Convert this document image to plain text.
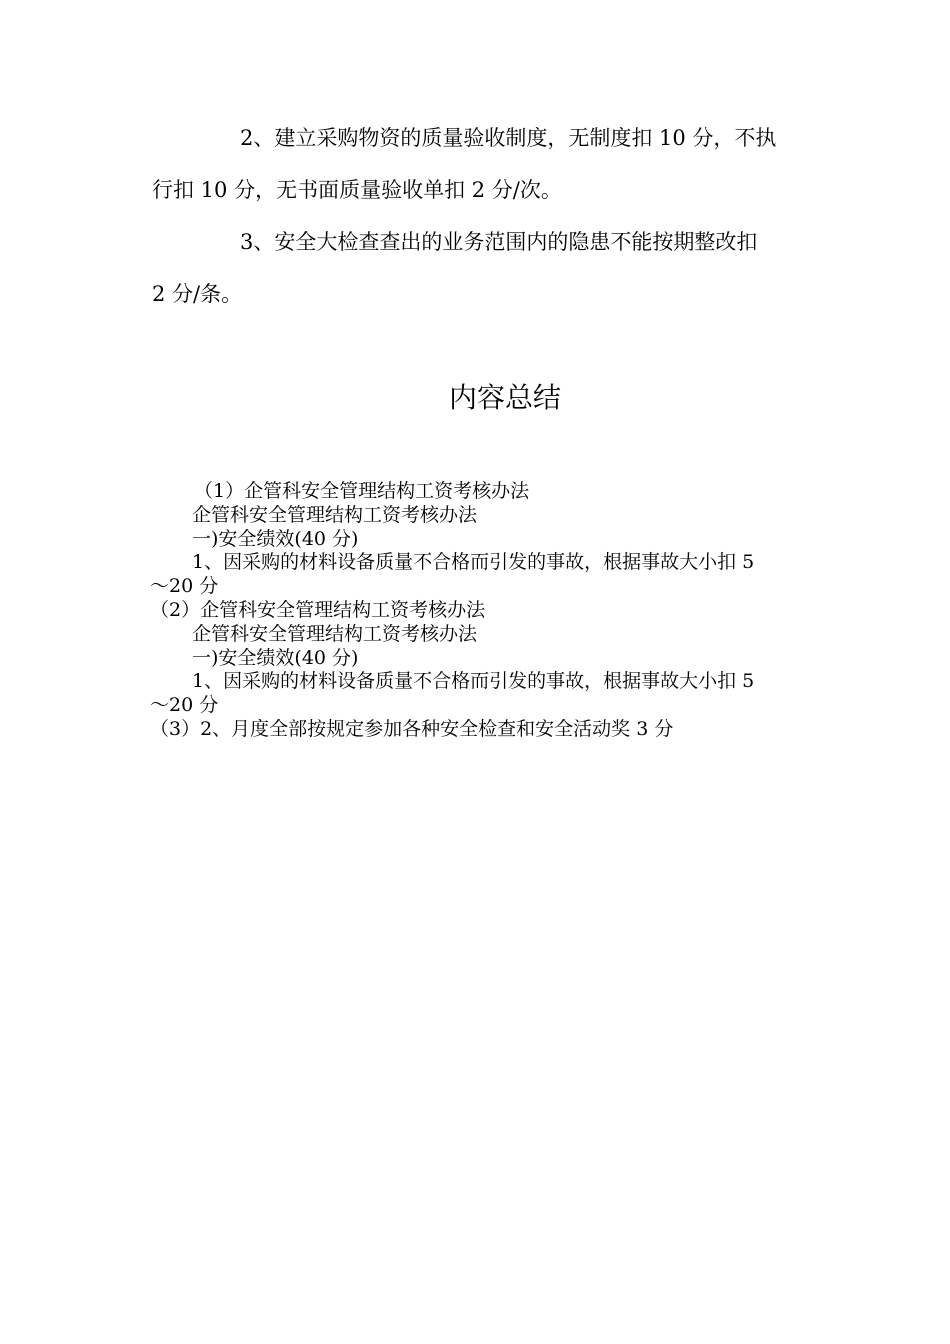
2、建立采购物资的质量验收制度，无制度扣 10 分，不执

行扣 10 分，无书面质量验收单扣 2 分/次。

3、安全大检查查出的业务范围内的隐患不能按期整改扣

2 分/条。

内容总结
（1）企管科安全管理结构工资考核办法
企管科安全管理结构工资考核办法
一)安全绩效(40 分)
1、因采购的材料设备质量不合格而引发的事故，根据事故大小扣 5
～20 分
（2）企管科安全管理结构工资考核办法
企管科安全管理结构工资考核办法
一)安全绩效(40 分)
1、因采购的材料设备质量不合格而引发的事故，根据事故大小扣 5
～20 分
（3）2、月度全部按规定参加各种安全检查和安全活动奖 3 分
